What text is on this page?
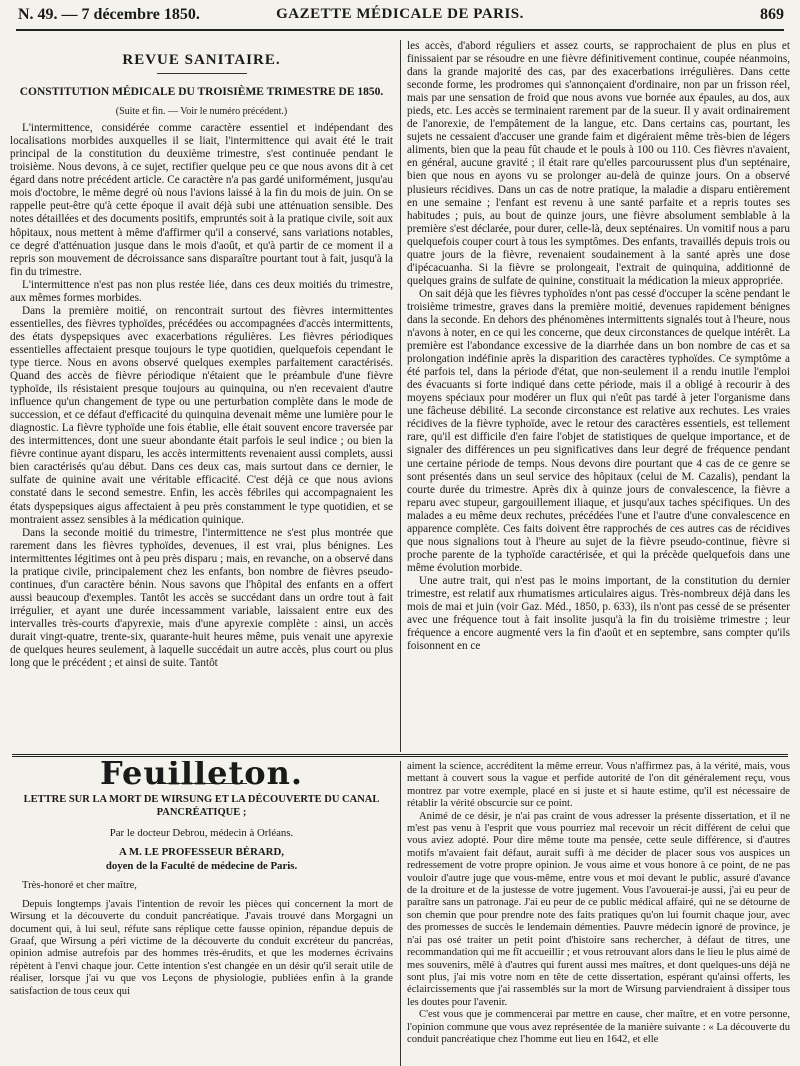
N. 49. — 7 décembre 1850.	GAZETTE MÉDICALE DE PARIS.	869
REVUE SANITAIRE.
CONSTITUTION MÉDICALE DU TROISIÈME TRIMESTRE DE 1850.
(Suite et fin. — Voir le numéro précédent.)

L'intermittence, considérée comme caractère essentiel et indépendant des localisations morbides auxquelles il se liait, l'intermittence qui avait été le trait principal de la constitution du deuxième trimestre, s'est continuée pendant le troisième. Nous devons, à ce sujet, rectifier quelque peu ce que nous avons dit à cet égard dans notre précédent article. Ce caractère n'a pas gardé uniformément, jusqu'au mois d'octobre, le même degré où nous l'avions laissé à la fin du mois de juin. On se rappelle peut-être qu'à cette époque il avait déjà subi une atténuation sensible. Des notes détaillées et des documents positifs, empruntés soit à la pratique civile, soit aux hôpitaux, nous mettent à même d'affirmer qu'il a conservé, sans variations notables, ce degré d'atténuation jusque dans le mois d'août, et qu'à partir de ce moment il a repris son mouvement de décroissance sans disparaître pourtant tout à fait, jusqu'à la fin du trimestre.

L'intermittence n'est pas non plus restée liée, dans ces deux moitiés du trimestre, aux mêmes formes morbides.

Dans la première moitié, on rencontrait surtout des fièvres intermittentes essentielles, des fièvres typhoïdes, précédées ou accompagnées d'accès intermittents, des états dyspepsiques avec exacerbations régulières. Les fièvres périodiques essentielles affectaient presque toujours le type quotidien, quelquefois cependant le type tierce. Nous en avons observé quelques exemples parfaitement caractérisés. Quand des accès de fièvre périodique n'étaient que le préambule d'une fièvre typhoïde, ils résistaient presque toujours au quinquina, ou n'en recevaient d'autre influence qu'un changement de type ou une perturbation complète dans le mode de succession, et ce défaut d'efficacité du quinquina devenait même une lumière pour le diagnostic. La fièvre typhoïde une fois établie, elle était souvent encore traversée par des intermittences, dont une sueur abondante était parfois le seul indice ; ou bien la fièvre continue ayant disparu, les accès intermittents revenaient aussi complets, aussi bien caractérisés qu'au début. Dans ces deux cas, mais surtout dans ce dernier, le sulfate de quinine avait une véritable efficacité. C'est déjà ce que nous avions constaté dans le second semestre. Enfin, les accès fébriles qui accompagnaient les états dyspepsiques aigus affectaient à peu près constamment le type quotidien, et se montraient assez sensibles à la médication quinique.

Dans la seconde moitié du trimestre, l'intermittence ne s'est plus montrée que rarement dans les fièvres typhoïdes, devenues, il est vrai, plus bénignes. Les intermittentes légitimes ont à peu près disparu ; mais, en revanche, on a observé dans la pratique civile, principalement chez les enfants, bon nombre de fièvres pseudo-continues, d'un caractère bénin. Nous savons que l'hôpital des enfants en a offert aussi beaucoup d'exemples. Tantôt les accès se succédant dans un ordre tout à fait irrégulier, et ayant une durée incessamment variable, laissaient entre eux des intervalles très-courts d'apyrexie, mais d'une apyrexie complète : ainsi, un accès durait vingt-quatre, trente-six, quarante-huit heures même, puis venait une apyrexie de quelques heures seulement, à laquelle succédait un autre accès, plus court ou plus long que le précédent ; et ainsi de suite. Tantôt

les accès, d'abord réguliers et assez courts, se rapprochaient de plus en plus et finissaient par se résoudre en une fièvre définitivement continue, coupée néanmoins, dans la grande majorité des cas, par des exacerbations irrégulières. Dans cette seconde forme, les prodromes qui s'annonçaient d'ordinaire, non par un frisson réel, mais par une sensation de froid que nous avons vue bornée aux épaules, au dos, aux pieds, etc. Les accès se terminaient rarement par de la sueur. Il y avait ordinairement de l'anorexie, de l'empâtement de la langue, etc. Dans certains cas, pourtant, les sujets ne cessaient d'accuser une grande faim et digéraient même très-bien de légers aliments, bien que la peau fût chaude et le pouls à 100 ou 110. Ces fièvres n'avaient, en général, aucune gravité ; il était rare qu'elles parcourussent plus d'un septénaire, bien que nous en ayons vu se prolonger au-delà de quinze jours. On a observé plusieurs récidives. Dans un cas de notre pratique, la maladie a disparu entièrement en une semaine ; l'enfant est revenu à une santé parfaite et a repris toutes ses habitudes ; puis, au bout de quinze jours, une fièvre absolument semblable à la première s'est déclarée, pour durer, celle-là, deux septénaires. Un vomitif nous a paru quelquefois couper court à tous les symptômes. Des enfants, travaillés depuis trois ou quatre jours de la fièvre, revenaient soudainement à la santé après une dose d'ipécacuanha. Si la fièvre se prolongeait, l'extrait de quinquina, additionné de quelques grains de sulfate de quinine, constituait la médication la mieux appropriée.

On sait déjà que les fièvres typhoïdes n'ont pas cessé d'occuper la scène pendant le troisième trimestre, graves dans la première moitié, devenues rapidement bénignes dans la seconde. En dehors des phénomènes intermittents signalés tout à l'heure, nous n'avons à noter, en ce qui les concerne, que deux circonstances de quelque intérêt. La première est l'abondance excessive de la diarrhée dans un bon nombre de cas et sa prolongation indéfinie après la disparition des caractères typhoïdes. Ce symptôme a été parfois tel, dans la période d'état, que non-seulement il a rendu inutile l'emploi des évacuants si forte indiqué dans cette période, mais il a obligé à recourir à des moyens spéciaux pour modérer un flux qui n'eût pas tardé à jeter l'organisme dans une fâcheuse débilité. La seconde circonstance est relative aux rechutes. Les vraies récidives de la fièvre typhoïde, avec le retour des caractères essentiels, est tellement rare, qu'il est difficile d'en faire l'objet de statistiques de quelque importance, et de signaler des différences un peu significatives dans leur degré de fréquence pendant une certaine période de temps. Nous devons dire pourtant que 4 cas de ce genre se sont présentés dans un seul service des hôpitaux (celui de M. Cazalis), pendant la courte durée du trimestre. Après dix à quinze jours de convalescence, la fièvre a reparu avec stupeur, gargouillement iliaque, et jusqu'aux taches spécifiques. Un des malades a eu même deux rechutes, précédées l'une et l'autre d'une convalescence en apparence complète. Ces faits doivent être rapprochés de ces autres cas de récidives que nous signalions tout à l'heure au sujet de la fièvre pseudo-continue, fièvre si proche parente de la typhoïde caractérisée, et qui la précède quelquefois dans une même évolution morbide.

Une autre trait, qui n'est pas le moins important, de la constitution du dernier trimestre, est relatif aux rhumatismes articulaires aigus. Très-nombreux déjà dans les mois de mai et juin (voir Gaz. Méd., 1850, p. 633), ils n'ont pas cessé de se présenter avec une fréquence tout à fait insolite jusqu'à la fin du troisième trimestre ; leur fréquence a encore augmenté vers la fin d'août et en septembre, sans compter qu'ils foisonnent en ce

Feuilleton.
LETTRE SUR LA MORT DE WIRSUNG ET LA DÉCOUVERTE DU CANAL PANCRÉATIQUE ;
Par le docteur Debrou, médecin à Orléans.
A M. LE PROFESSEUR BÉRARD,
doyen de la Faculté de médecine de Paris.

Très-honoré et cher maître,

Depuis longtemps j'avais l'intention de revoir les pièces qui concernent la mort de Wirsung et la découverte du conduit pancréatique. J'avais trouvé dans Morgagni un document qui, à lui seul, réfute sans réplique cette fausse opinion, répandue depuis de Graaf, que Wirsung a péri victime de la découverte du conduit excréteur du pancréas, opinion admise autrefois par des hommes très-érudits, et que les modernes écrivains répètent à l'envi chaque jour. Cette intention s'est changée en un désir qu'il serait utile de réaliser, lorsque j'ai vu que vos Leçons de physiologie, publiées enfin à la grande satisfaction de tous ceux qui

aiment la science, accréditent la même erreur. Vous n'affirmez pas, à la vérité, mais, vous mettant à couvert sous la vague et perfide autorité de l'on dit généralement reçu, vous montrez par votre exemple, placé en si juste et si haute estime, qu'il est nécessaire de rétablir la vérité obscurcie sur ce point.

Animé de ce désir, je n'ai pas craint de vous adresser la présente dissertation, et il ne m'est pas venu à l'esprit que vous pourriez mal recevoir un récit différent de celui que vous aviez adopté. Pour dire même toute ma pensée, cette seule différence, si d'autres motifs m'avaient fait défaut, aurait suffi à me décider de placer sous vos auspices un redressement de votre propre opinion. Je vous aime et vous honore à ce point, de ne pas vouloir d'autre juge que vous-même, entre vous et moi devant le public, assuré d'avance de la droiture et de la justesse de votre jugement. Vous l'avouerai-je aussi, j'ai eu peur de paraître sans un patronage. J'ai eu peur de ce public médical affairé, qui ne se détourne de son chemin que pour prendre note des faits pratiques qu'on lui fournit chaque jour, avec des promesses de succès le lendemain démenties. Pauvre médecin ignoré de province, je n'ai pas osé traiter un petit point d'histoire sans rechercher, à défaut de titres, une recommandation qui me fît accueillir ; et vous retrouvant alors dans le lieu le plus aimé de mes souvenirs, mêlé à d'autres qui furent aussi mes maîtres, et dont quelques-uns déjà ne sont plus, j'ai mis votre nom en tête de cette dissertation, espérant qu'ainsi offerts, les éclaircissements que j'ai rassemblés sur la mort de Wirsung parviendraient à dissiper tous les doutes pour l'avenir.

C'est vous que je commencerai par mettre en cause, cher maître, et en votre personne, l'opinion commune que vous avez représentée de la manière suivante : « La découverte du conduit pancréatique chez l'homme eut lieu en 1642, et elle
